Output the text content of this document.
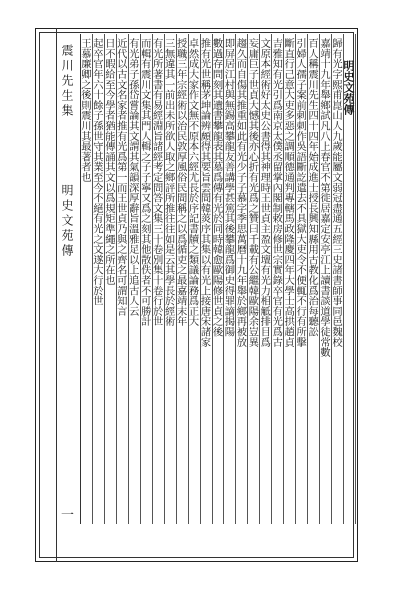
震川先生集
明史文苑傳
一
明史文苑傳
歸有光字熙甫崑山人九歲能屬文弱冠盡通五經三史諸書師事同邑魏校
嘉靖十九年舉鄉試凡八上春官不第徙居嘉定安亭江上讀書談道學徒常數
百人稱震川先生四十四年始成進士授長興知縣用古教化爲治每聽訟
引婦人孺子案前刺刺作吳語斷訖遣去不具獄大吏令不便輒不行有所擊
斷直行己意大吏多惡之調順德通判專轄馬政隆慶四年大學士高拱趙貞
吉雅知有光引爲南京太僕丞留掌內閣制敕房修世宗實錄卒官有光爲古
文原本經術好太史公書得其神理時王世貞主盈文壇有光力相觝排目爲
妄庸巨子世貞大憾其後亦心折有光爲之贊曰千載有公繼韓歐陽余豈異
趨久而自傷其推重如此有光少子子慕字季思萬曆十九年舉於鄉再被放
即屏居江村與無錫高攀龍友善講學甚篤其後攀龍爲御史得罪謫揭陽
數過存問刻其遺書攀龍表其墓爲傳有光於同時韓愈歐陽修世貞之後
推有光世稱茅坤論辨頗得其要旨雲間韓菼序其集以有光上接唐宋諸家
卓然成大家作文無不原本六經尤長於序記書牘之類議論務爲正大
授職三年宗經術以治民敦厚風俗民間稱之以爲循吏之最嘉靖末年
三無違其一前出未所欲人取之鄉評所推往往如是云其學長於經術
有光所著書有易經淵旨諸經考定問答文集三十卷別集十卷行於世
而輯有震川文集其門人輯之子子寧又爲之刻其他散佚者不可勝計
有光弟子孫岱嘗論其文謂其氣韻深厚辭旨溫雅足以上追古人云
近代以古文名家者推有光爲第一而王世貞乃與之齊名可謂知言
日不暇給至今學者猶能傳誦其文以爲規矩準繩之所在也
起卒官年六十餘子孫世守其業至今不絕有光之文遂大行於世
王慕廉卿之後則震川其最著者也
